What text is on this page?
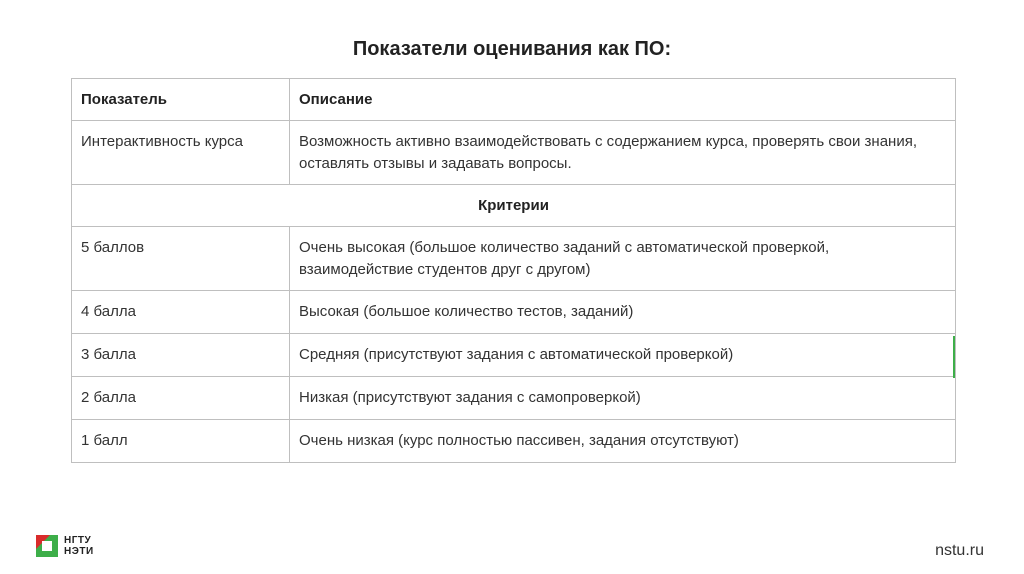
Показатели оценивания как ПО:
Показатель	Описание
Интерактивность курса	Возможность активно взаимодействовать с содержанием курса, проверять свои знания, оставлять отзывы и задавать вопросы.
Критерии	
5 баллов	Очень высокая (большое количество заданий с автоматической проверкой, взаимодействие студентов друг с другом)
4 балла	Высокая (большое количество тестов, заданий)
3 балла	Средняя (присутствуют задания с автоматической проверкой)
2 балла	Низкая (присутствуют задания с самопроверкой)
1 балл	Очень низкая (курс полностью пассивен, задания отсутствуют)
НГТУ
НЭТИ	nstu.ru
